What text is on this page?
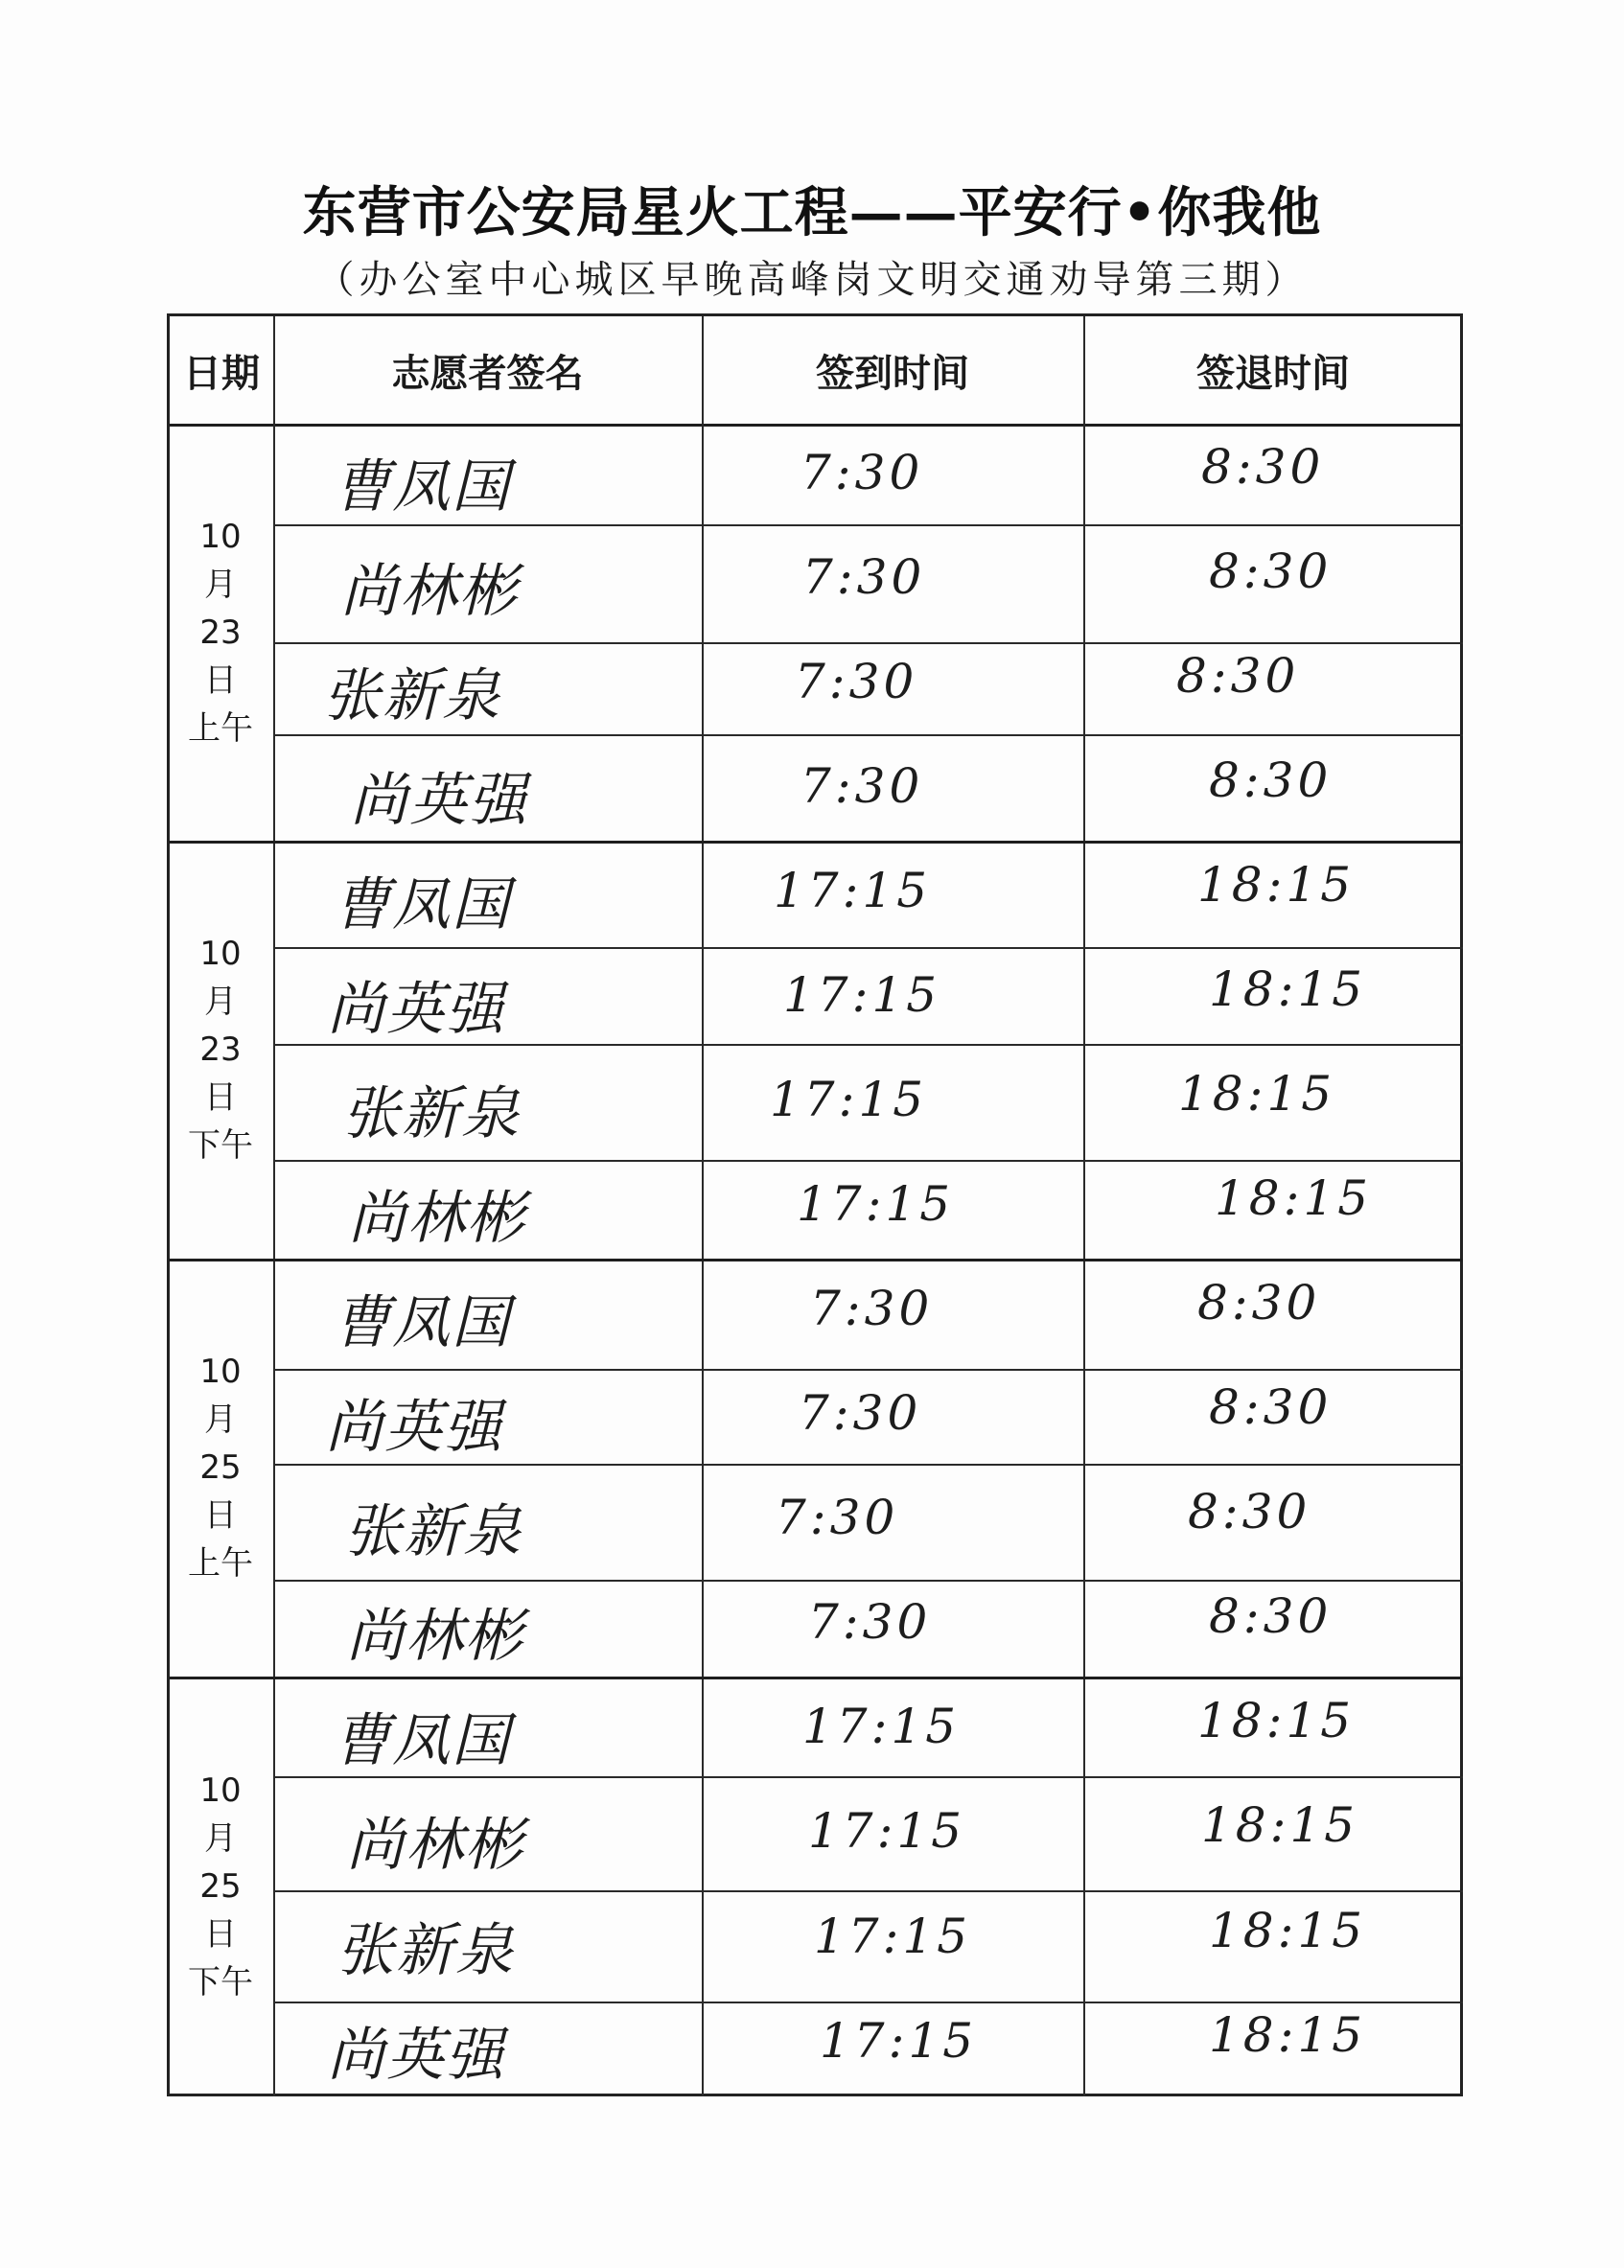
东营市公安局星火工程——平安行•你我他
（办公室中心城区早晚高峰岗文明交通劝导第三期）
日期	志愿者签名	签到时间	签退时间
10
月
23
日
上午
曹凤国	7:30	8:30
尚林彬	7:30	8:30
张新泉	7:30	8:30
尚英强	7:30	8:30
10
月
23
日
下午
曹凤国	17:15	18:15
尚英强	17:15	18:15
张新泉	17:15	18:15
尚林彬	17:15	18:15
10
月
25
日
上午
曹凤国	7:30	8:30
尚英强	7:30	8:30
张新泉	7:30	8:30
尚林彬	7:30	8:30
10
月
25
日
下午
曹凤国	17:15	18:15
尚林彬	17:15	18:15
张新泉	17:15	18:15
尚英强	17:15	18:15
